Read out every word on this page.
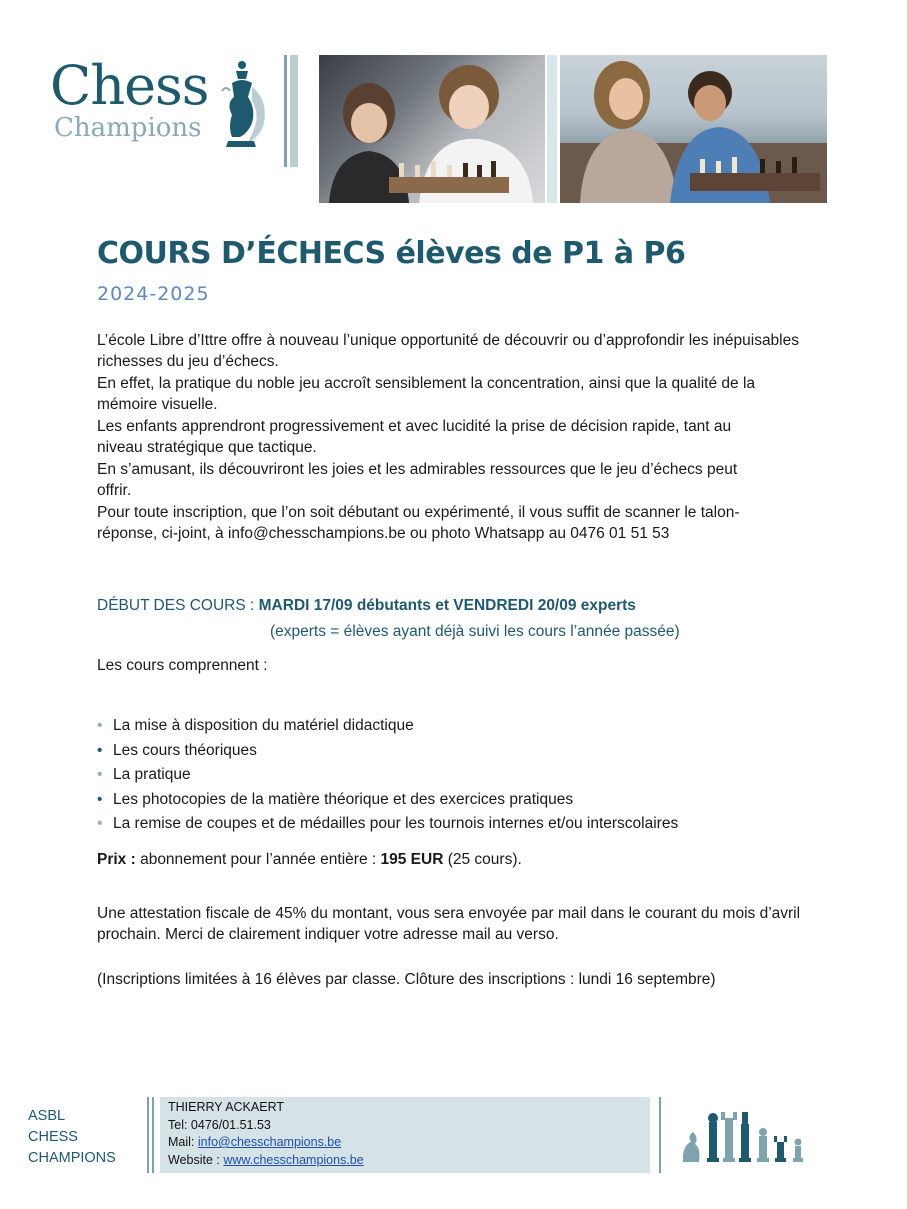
Chess
Champions
COURS D’ÉCHECS élèves de P1 à P6
2024-2025

L’école Libre d’Ittre offre à nouveau l’unique opportunité de découvrir ou d’approfondir les inépuisables richesses du jeu d’échecs.

En effet, la pratique du noble jeu accroît sensiblement la concentration, ainsi que la qualité de la mémoire visuelle.

Les enfants apprendront progressivement et avec lucidité la prise de décision rapide, tant au niveau stratégique que tactique.

En s’amusant, ils découvriront les joies et les admirables ressources que le jeu d’échecs peut offrir.

Pour toute inscription, que l’on soit débutant ou expérimenté, il vous suffit de scanner le talon-réponse, ci-joint, à info@chesschampions.be ou photo Whatsapp au 0476 01 51 53

DÉBUT DES COURS : MARDI 17/09 débutants et VENDREDI 20/09 experts
(experts = élèves ayant déjà suivi les cours l’année passée)
Les cours comprennent :
• La mise à disposition du matériel didactique
• Les cours théoriques
• La pratique
• Les photocopies de la matière théorique et des exercices pratiques
• La remise de coupes et de médailles pour les tournois internes et/ou interscolaires
Prix : abonnement pour l’année entière : 195 EUR (25 cours).

Une attestation fiscale de 45% du montant, vous sera envoyée par mail dans le courant du mois d’avril prochain. Merci de clairement indiquer votre adresse mail au verso.

(Inscriptions limitées à 16 élèves par classe. Clôture des inscriptions : lundi 16 septembre)

ASBL
CHESS
CHAMPIONS
THIERRY ACKAERT
Tel: 0476/01.51.53
Mail: info@chesschampions.be
Website : www.chesschampions.be
